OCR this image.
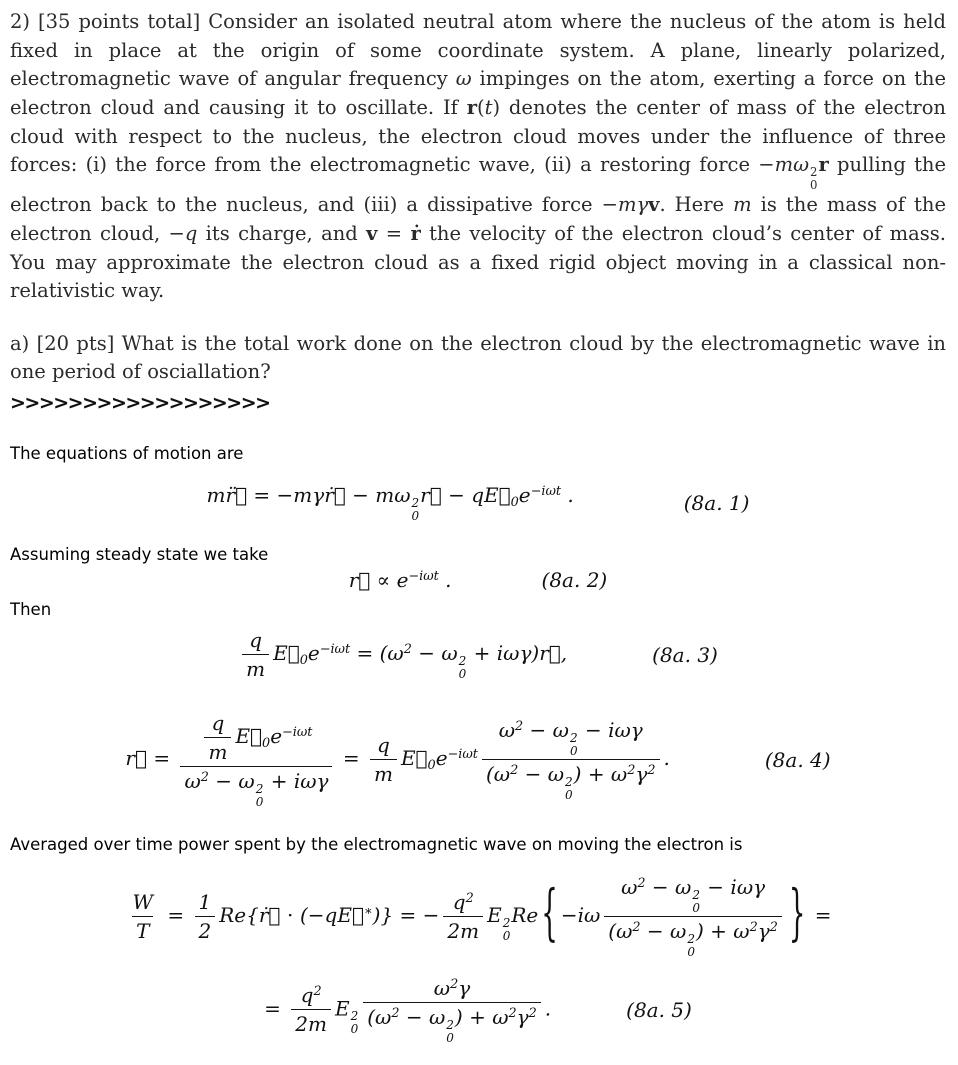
2) [35 points total] Consider an isolated neutral atom where the nucleus of the atom is held fixed in place at the origin of some coordinate system. A plane, linearly polarized, electromagnetic wave of angular frequency ω impinges on the atom, exerting a force on the electron cloud and causing it to oscillate. If r(t) denotes the center of mass of the electron cloud with respect to the nucleus, the electron cloud moves under the influence of three forces: (i) the force from the electromagnetic wave, (ii) a restoring force −mω 2
0
r pulling the electron back to the nucleus, and (iii) a dissipative force −mγv. Here m is the mass of the electron cloud, −q its charge, and v = ṙ the velocity of the electron cloud’s center of mass. You may approximate the electron cloud as a fixed rigid object moving in a classical non-relativistic way.

a) [20 pts] What is the total work done on the electron cloud by the electromagnetic wave in one period of osciallation?

>>>>>>>>>>>>>>>>>>
The equations of motion are
mr̈⃗ = −mγṙ⃗ − mω 2
0
r⃗ − $qE⃗_0e^{-i\omega t}$ .	(8a. 1)
Assuming steady state we take
r⃗ ∝ $e^{-i\omega t}$ .	(8a. 2)
Then
$\frac{q}{m}$ $E⃗_0e^{-i\omega t} = (\omega^2 - \omega$ 2
0
+ iωγ)r⃗,	(8a. 3)
r⃗ = $\frac{q}{m}$ $E⃗_0e^{-i\omega t}$
$\omega^2 - \omega$ 2
0
+ $i\omega\gamma = \frac{q}{m}$ $E⃗_0e^{-i\omega t}$ $\omega^2 - \omega$ 2
0
− iωγ
($\omega^2 - \omega$ 2
0
) + $\omega^2\gamma^2$ .	(8a. 4)
Averaged over time power spent by the electromagnetic wave on moving the electron is
$\frac{W}{T} = \frac{1}{2}$ Re{ṙ⃗ ⋅ (−qE⃗∗)} = − $\frac{q^2}{2m}$ E 2
0
Re { −iω $\omega^2 - \omega$ 2
0
− iωγ
($\omega^2 - \omega$ 2
0
) + $\omega^2\gamma^2$ } =
= $\frac{q^2}{2m}$ E 2
0 $\omega^2\gamma$
($\omega^2 - \omega$ 2
0
) + $\omega^2\gamma^2$ .	(8a. 5)
